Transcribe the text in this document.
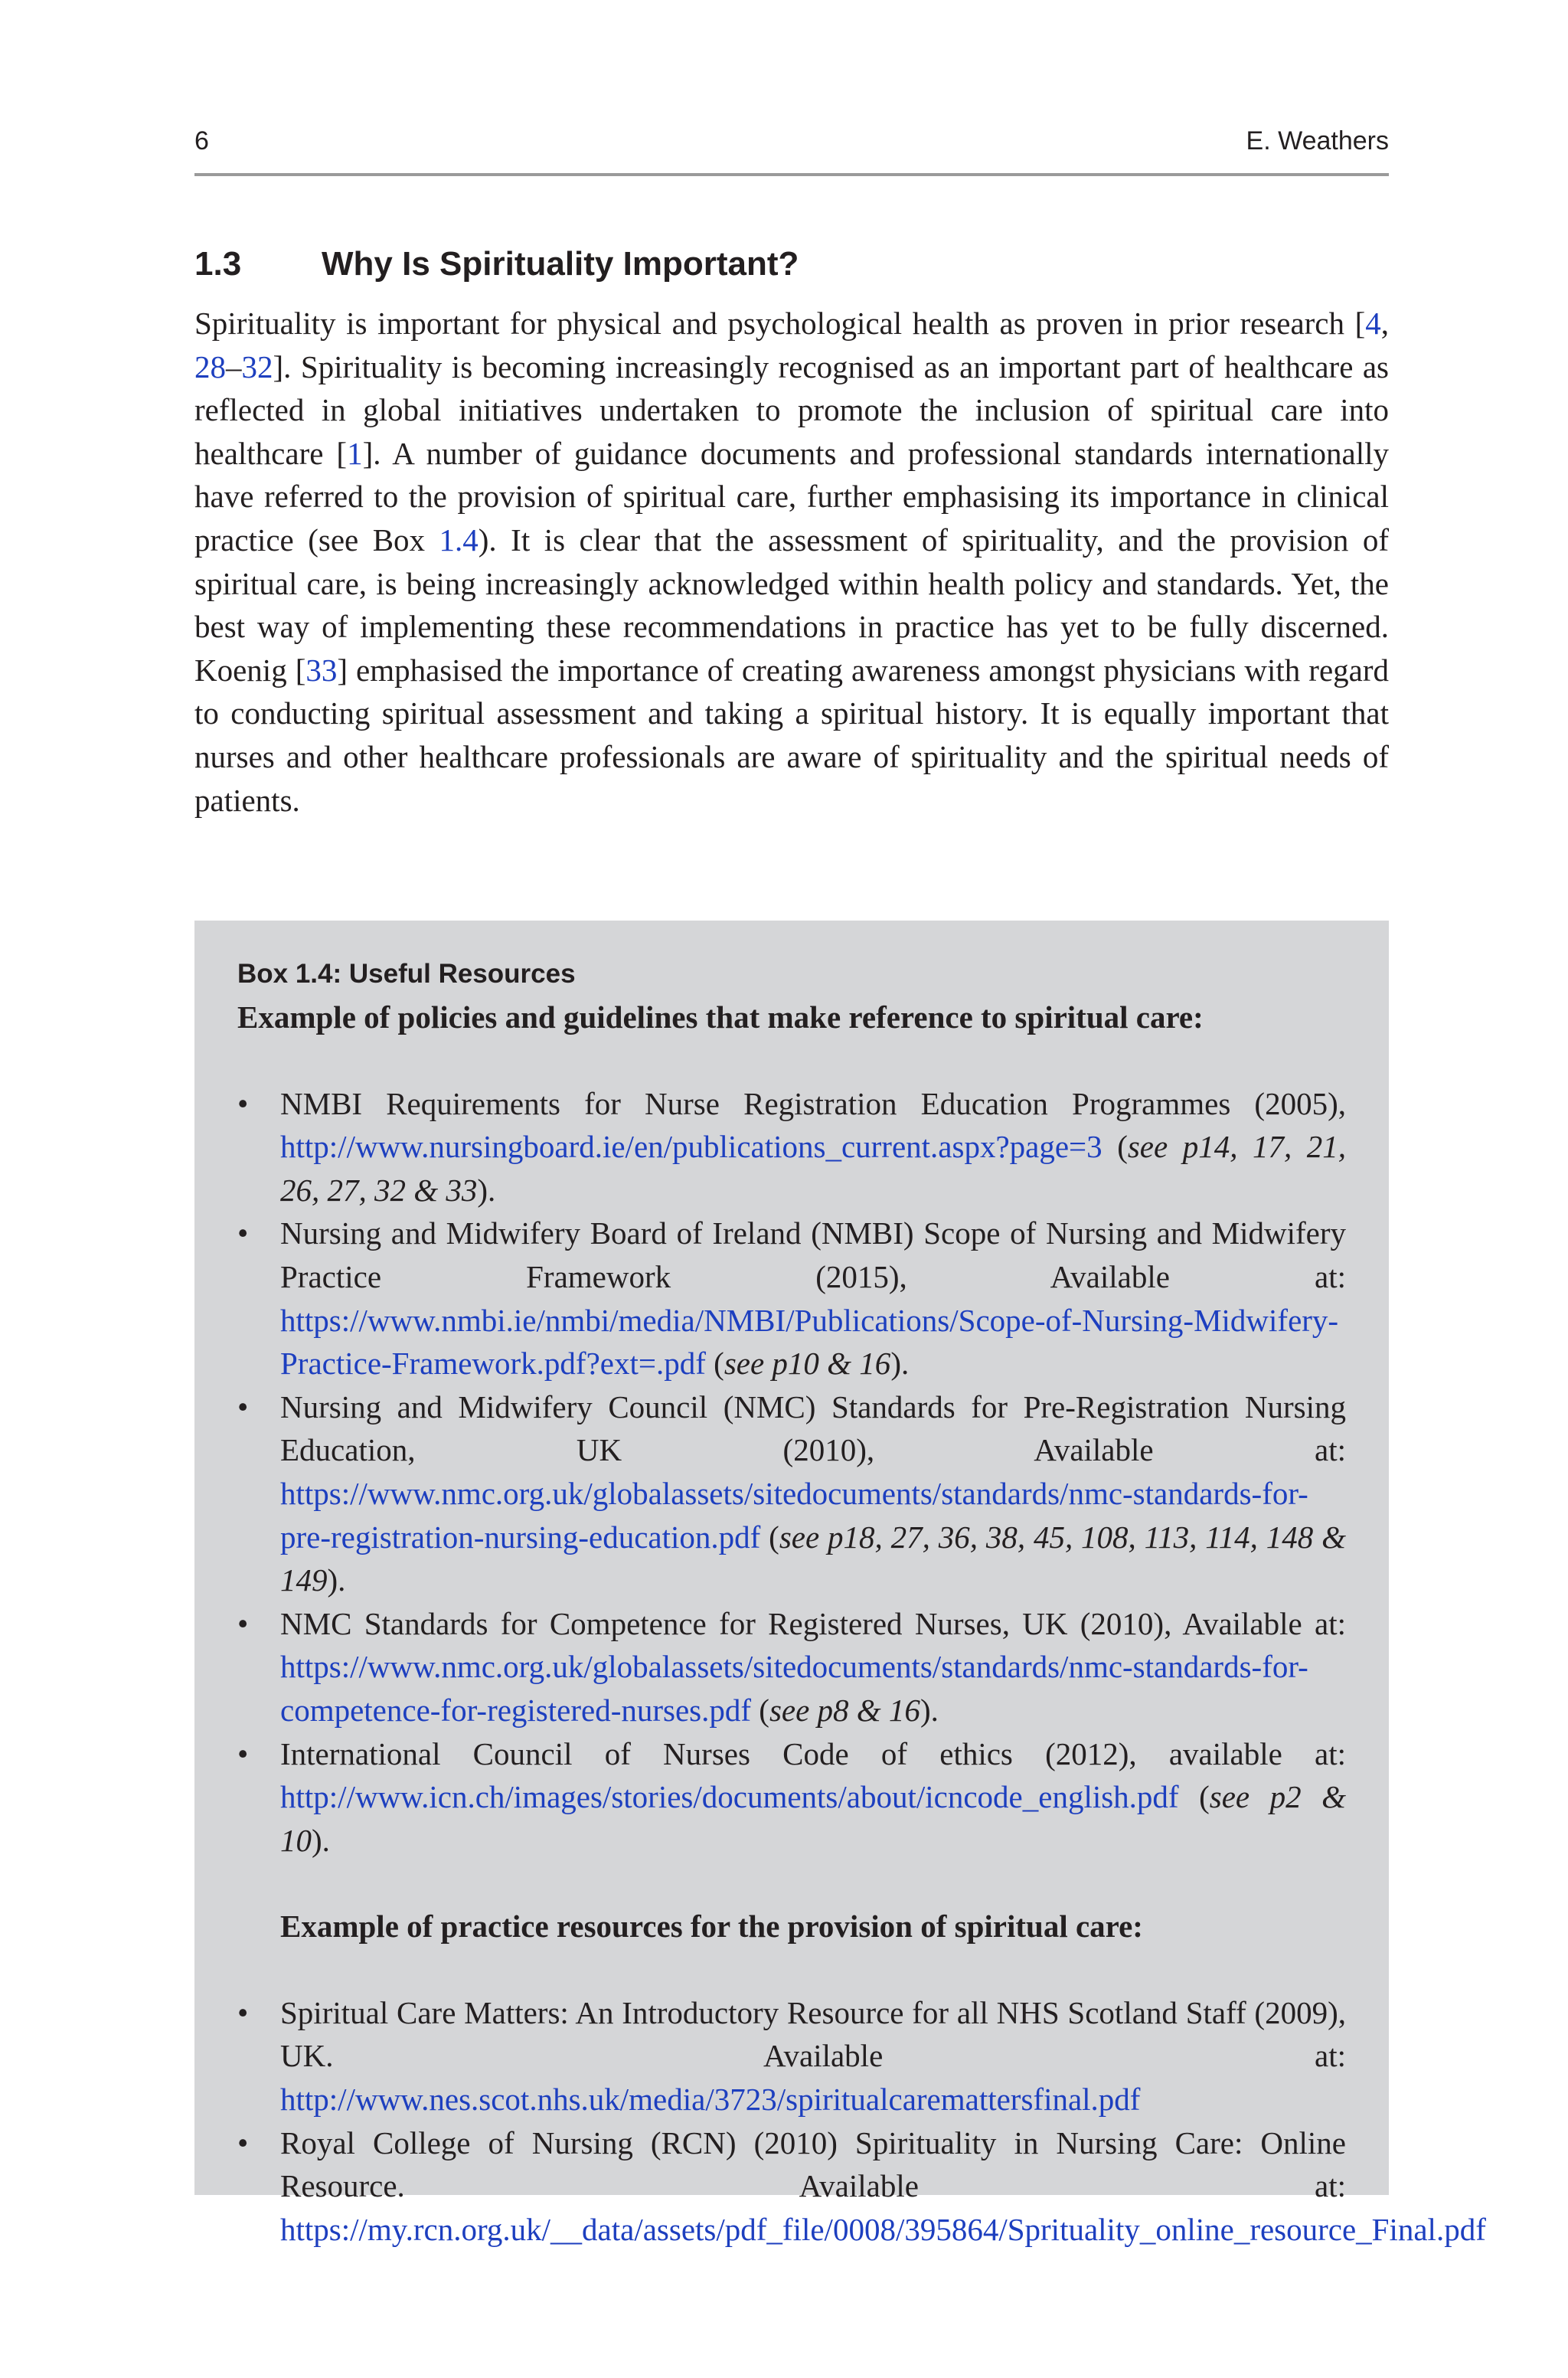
6	E. Weathers
1.3 Why Is Spirituality Important?

Spirituality is important for physical and psychological health as proven in prior research [4, 28–32]. Spirituality is becoming increasingly recognised as an important part of healthcare as reflected in global initiatives undertaken to promote the inclusion of spiritual care into healthcare [1]. A number of guidance documents and professional standards internationally have referred to the provision of spiritual care, further emphasising its importance in clinical practice (see Box 1.4). It is clear that the assessment of spirituality, and the provision of spiritual care, is being increasingly acknowledged within health policy and standards. Yet, the best way of implementing these recommendations in practice has yet to be fully discerned. Koenig [33] emphasised the importance of creating awareness amongst physicians with regard to conducting spiritual assessment and taking a spiritual history. It is equally important that nurses and other healthcare professionals are aware of spirituality and the spiritual needs of patients.

Box 1.4: Useful Resources

Example of policies and guidelines that make reference to spiritual care:

• NMBI Requirements for Nurse Registration Education Programmes (2005), http://www.nursingboard.ie/en/publications_current.aspx?page=3 (see p14, 17, 21, 26, 27, 32 & 33).
• Nursing and Midwifery Board of Ireland (NMBI) Scope of Nursing and Midwifery Practice Framework (2015), Available at: https://www.nmbi.ie/nmbi/media/NMBI/Publications/Scope-of-Nursing-Midwifery-Practice-Framework.pdf?ext=.pdf (see p10 & 16).
• Nursing and Midwifery Council (NMC) Standards for Pre-Registration Nursing Education, UK (2010), Available at: https://www.nmc.org.uk/globalassets/sitedocuments/standards/nmc-standards-for-pre-registration-nursing-education.pdf (see p18, 27, 36, 38, 45, 108, 113, 114, 148 & 149).
• NMC Standards for Competence for Registered Nurses, UK (2010), Available at: https://www.nmc.org.uk/globalassets/sitedocuments/standards/nmc-standards-for-competence-for-registered-nurses.pdf (see p8 & 16).
• International Council of Nurses Code of ethics (2012), available at: http://www.icn.ch/images/stories/documents/about/icncode_english.pdf (see p2 & 10).

Example of practice resources for the provision of spiritual care:

• Spiritual Care Matters: An Introductory Resource for all NHS Scotland Staff (2009), UK. Available at: http://www.nes.scot.nhs.uk/media/3723/spiritualcaremattersfinal.pdf
• Royal College of Nursing (RCN) (2010) Spirituality in Nursing Care: Online Resource. Available at: https://my.rcn.org.uk/__data/assets/pdf_file/0008/395864/Sprituality_online_resource_Final.pdf
